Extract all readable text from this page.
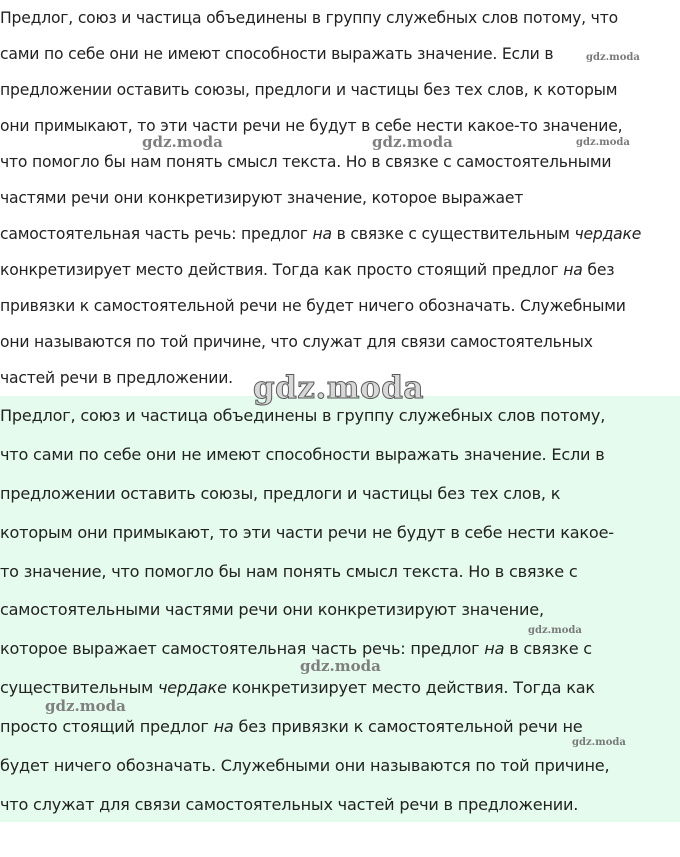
Предлог, союз и частица объединены в группу служебных слов потому, что
сами по себе они не имеют способности выражать значение. Если в
предложении оставить союзы, предлоги и частицы без тех слов, к которым
они примыкают, то эти части речи не будут в себе нести какое-то значение,
что помогло бы нам понять смысл текста. Но в связке с самостоятельными
частями речи они конкретизируют значение, которое выражает
самостоятельная часть речь: предлог на в связке с существительным чердаке
конкретизирует место действия. Тогда как просто стоящий предлог на без
привязки к самостоятельной речи не будет ничего обозначать. Служебными
они называются по той причине, что служат для связи самостоятельных
частей речи в предложении.
Предлог, союз и частица объединены в группу служебных слов потому,
что сами по себе они не имеют способности выражать значение. Если в
предложении оставить союзы, предлоги и частицы без тех слов, к
которым они примыкают, то эти части речи не будут в себе нести какое-
то значение, что помогло бы нам понять смысл текста. Но в связке с
самостоятельными частями речи они конкретизируют значение,
которое выражает самостоятельная часть речь: предлог на в связке с
существительным чердаке конкретизирует место действия. Тогда как
просто стоящий предлог на без привязки к самостоятельной речи не
будет ничего обозначать. Служебными они называются по той причине,
что служат для связи самостоятельных частей речи в предложении.
gdz.moda
gdz.moda	gdz.moda	gdz.moda
gdz.moda
gdz.moda
gdz.moda
gdz.moda
gdz.moda
